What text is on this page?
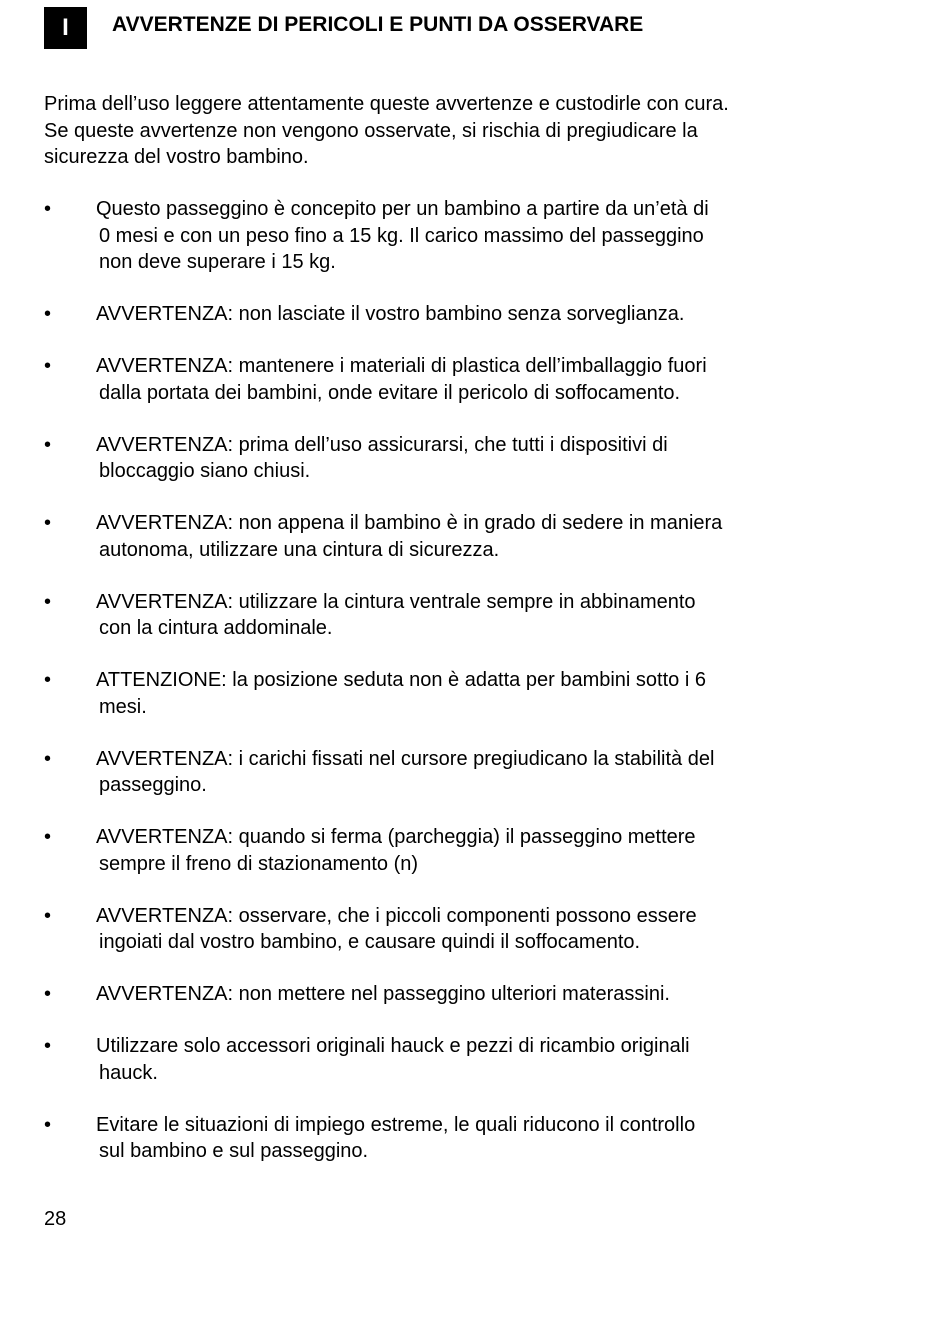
I	AVVERTENZE DI PERICOLI E PUNTI DA OSSERVARE

Prima dell’uso leggere attentamente queste avvertenze e custodirle con cura.
Se queste avvertenze non vengono osservate, si rischia di pregiudicare la
sicurezza del vostro bambino.

• Questo passeggino è concepito per un bambino a partire da un’età di
0 mesi e con un peso fino a 15 kg. Il carico massimo del passeggino
non deve superare i 15 kg.
• AVVERTENZA: non lasciate il vostro bambino senza sorveglianza.
• AVVERTENZA: mantenere i materiali di plastica dell’imballaggio fuori
dalla portata dei bambini, onde evitare il pericolo di soffocamento.
• AVVERTENZA: prima dell’uso assicurarsi, che tutti i dispositivi di
bloccaggio siano chiusi.
• AVVERTENZA: non appena il bambino è in grado di sedere in maniera
autonoma, utilizzare una cintura di sicurezza.
• AVVERTENZA: utilizzare la cintura ventrale sempre in abbinamento
con la cintura addominale.
• ATTENZIONE: la posizione seduta non è adatta per bambini sotto i 6
mesi.
• AVVERTENZA: i carichi fissati nel cursore pregiudicano la stabilità del
passeggino.
• AVVERTENZA: quando si ferma (parcheggia) il passeggino mettere
sempre il freno di stazionamento (n)
• AVVERTENZA: osservare, che i piccoli componenti possono essere
ingoiati dal vostro bambino, e causare quindi il soffocamento.
• AVVERTENZA: non mettere nel passeggino ulteriori materassini.
• Utilizzare solo accessori originali hauck e pezzi di ricambio originali
hauck.
• Evitare le situazioni di impiego estreme, le quali riducono il controllo
sul bambino e sul passeggino.
28
